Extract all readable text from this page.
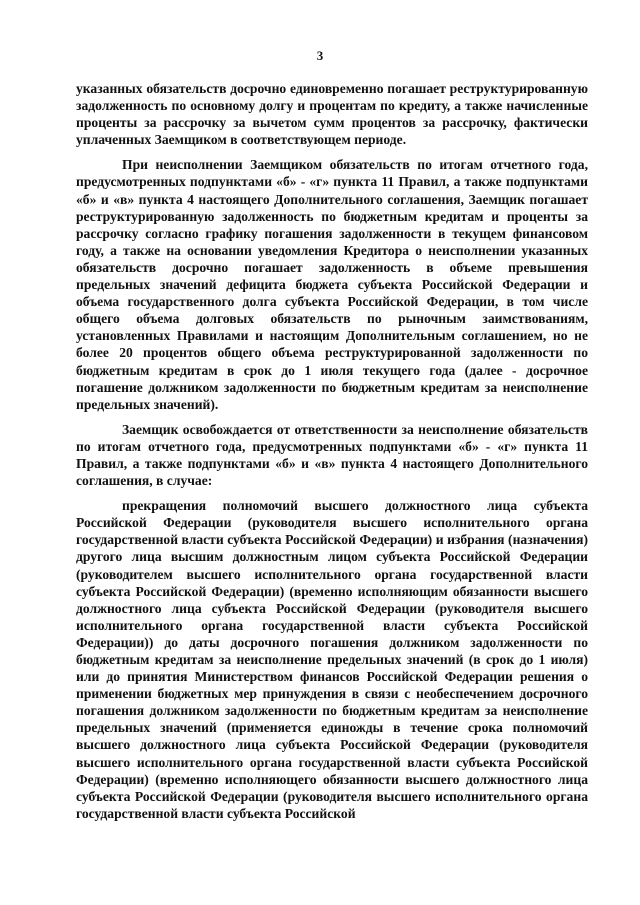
3

указанных обязательств досрочно единовременно погашает реструктурированную задолженность по основному долгу и процентам по кредиту, а также начисленные проценты за рассрочку за вычетом сумм процентов за рассрочку, фактически уплаченных Заемщиком в соответствующем периоде.

При неисполнении Заемщиком обязательств по итогам отчетного года, предусмотренных подпунктами «б» - «г» пункта 11 Правил, а также подпунктами «б» и «в» пункта 4 настоящего Дополнительного соглашения, Заемщик погашает реструктурированную задолженность по бюджетным кредитам и проценты за рассрочку согласно графику погашения задолженности в текущем финансовом году, а также на основании уведомления Кредитора о неисполнении указанных обязательств досрочно погашает задолженность в объеме превышения предельных значений дефицита бюджета субъекта Российской Федерации и объема государственного долга субъекта Российской Федерации, в том числе общего объема долговых обязательств по рыночным заимствованиям, установленных Правилами и настоящим Дополнительным соглашением, но не более 20 процентов общего объема реструктурированной задолженности по бюджетным кредитам в срок до 1 июля текущего года (далее - досрочное погашение должником задолженности по бюджетным кредитам за неисполнение предельных значений).

Заемщик освобождается от ответственности за неисполнение обязательств по итогам отчетного года, предусмотренных подпунктами «б» - «г» пункта 11 Правил, а также подпунктами «б» и «в» пункта 4 настоящего Дополнительного соглашения, в случае:

прекращения полномочий высшего должностного лица субъекта Российской Федерации (руководителя высшего исполнительного органа государственной власти субъекта Российской Федерации) и избрания (назначения) другого лица высшим должностным лицом субъекта Российской Федерации (руководителем высшего исполнительного органа государственной власти субъекта Российской Федерации) (временно исполняющим обязанности высшего должностного лица субъекта Российской Федерации (руководителя высшего исполнительного органа государственной власти субъекта Российской Федерации)) до даты досрочного погашения должником задолженности по бюджетным кредитам за неисполнение предельных значений (в срок до 1 июля) или до принятия Министерством финансов Российской Федерации решения о применении бюджетных мер принуждения в связи с необеспечением досрочного погашения должником задолженности по бюджетным кредитам за неисполнение предельных значений (применяется единожды в течение срока полномочий высшего должностного лица субъекта Российской Федерации (руководителя высшего исполнительного органа государственной власти субъекта Российской Федерации) (временно исполняющего обязанности высшего должностного лица субъекта Российской Федерации (руководителя высшего исполнительного органа государственной власти субъекта Российской
